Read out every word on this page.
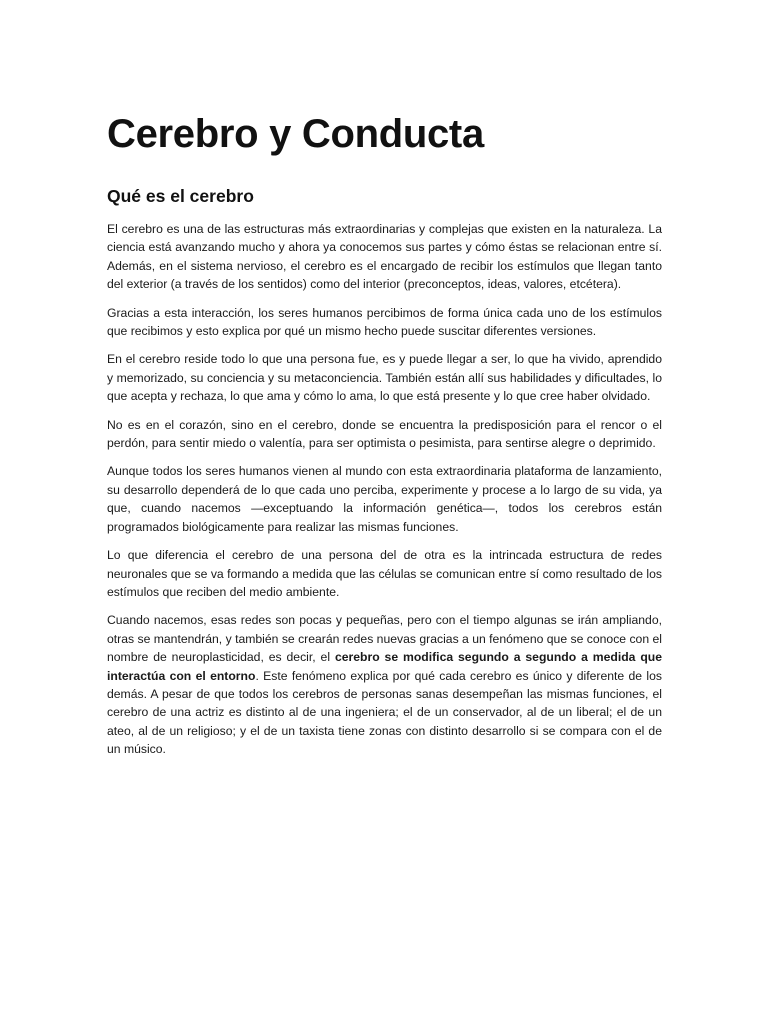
Cerebro y Conducta
Qué es el cerebro

El cerebro es una de las estructuras más extraordinarias y complejas que existen en la naturaleza. La ciencia está avanzando mucho y ahora ya conocemos sus partes y cómo éstas se relacionan entre sí. Además, en el sistema nervioso, el cerebro es el encargado de recibir los estímulos que llegan tanto del exterior (a través de los sentidos) como del interior (preconceptos, ideas, valores, etcétera).

Gracias a esta interacción, los seres humanos percibimos de forma única cada uno de los estímulos que recibimos y esto explica por qué un mismo hecho puede suscitar diferentes versiones.

En el cerebro reside todo lo que una persona fue, es y puede llegar a ser, lo que ha vivido, aprendido y memorizado, su conciencia y su metaconciencia. También están allí sus habilidades y dificultades, lo que acepta y rechaza, lo que ama y cómo lo ama, lo que está presente y lo que cree haber olvidado.

No es en el corazón, sino en el cerebro, donde se encuentra la predisposición para el rencor o el perdón, para sentir miedo o valentía, para ser optimista o pesimista, para sentirse alegre o deprimido.

Aunque todos los seres humanos vienen al mundo con esta extraordinaria plataforma de lanzamiento, su desarrollo dependerá de lo que cada uno perciba, experimente y procese a lo largo de su vida, ya que, cuando nacemos —exceptuando la información genética—, todos los cerebros están programados biológicamente para realizar las mismas funciones.

Lo que diferencia el cerebro de una persona del de otra es la intrincada estructura de redes neuronales que se va formando a medida que las células se comunican entre sí como resultado de los estímulos que reciben del medio ambiente.

Cuando nacemos, esas redes son pocas y pequeñas, pero con el tiempo algunas se irán ampliando, otras se mantendrán, y también se crearán redes nuevas gracias a un fenómeno que se conoce con el nombre de neuroplasticidad, es decir, el cerebro se modifica segundo a segundo a medida que interactúa con el entorno. Este fenómeno explica por qué cada cerebro es único y diferente de los demás. A pesar de que todos los cerebros de personas sanas desempeñan las mismas funciones, el cerebro de una actriz es distinto al de una ingeniera; el de un conservador, al de un liberal; el de un ateo, al de un religioso; y el de un taxista tiene zonas con distinto desarrollo si se compara con el de un músico.
